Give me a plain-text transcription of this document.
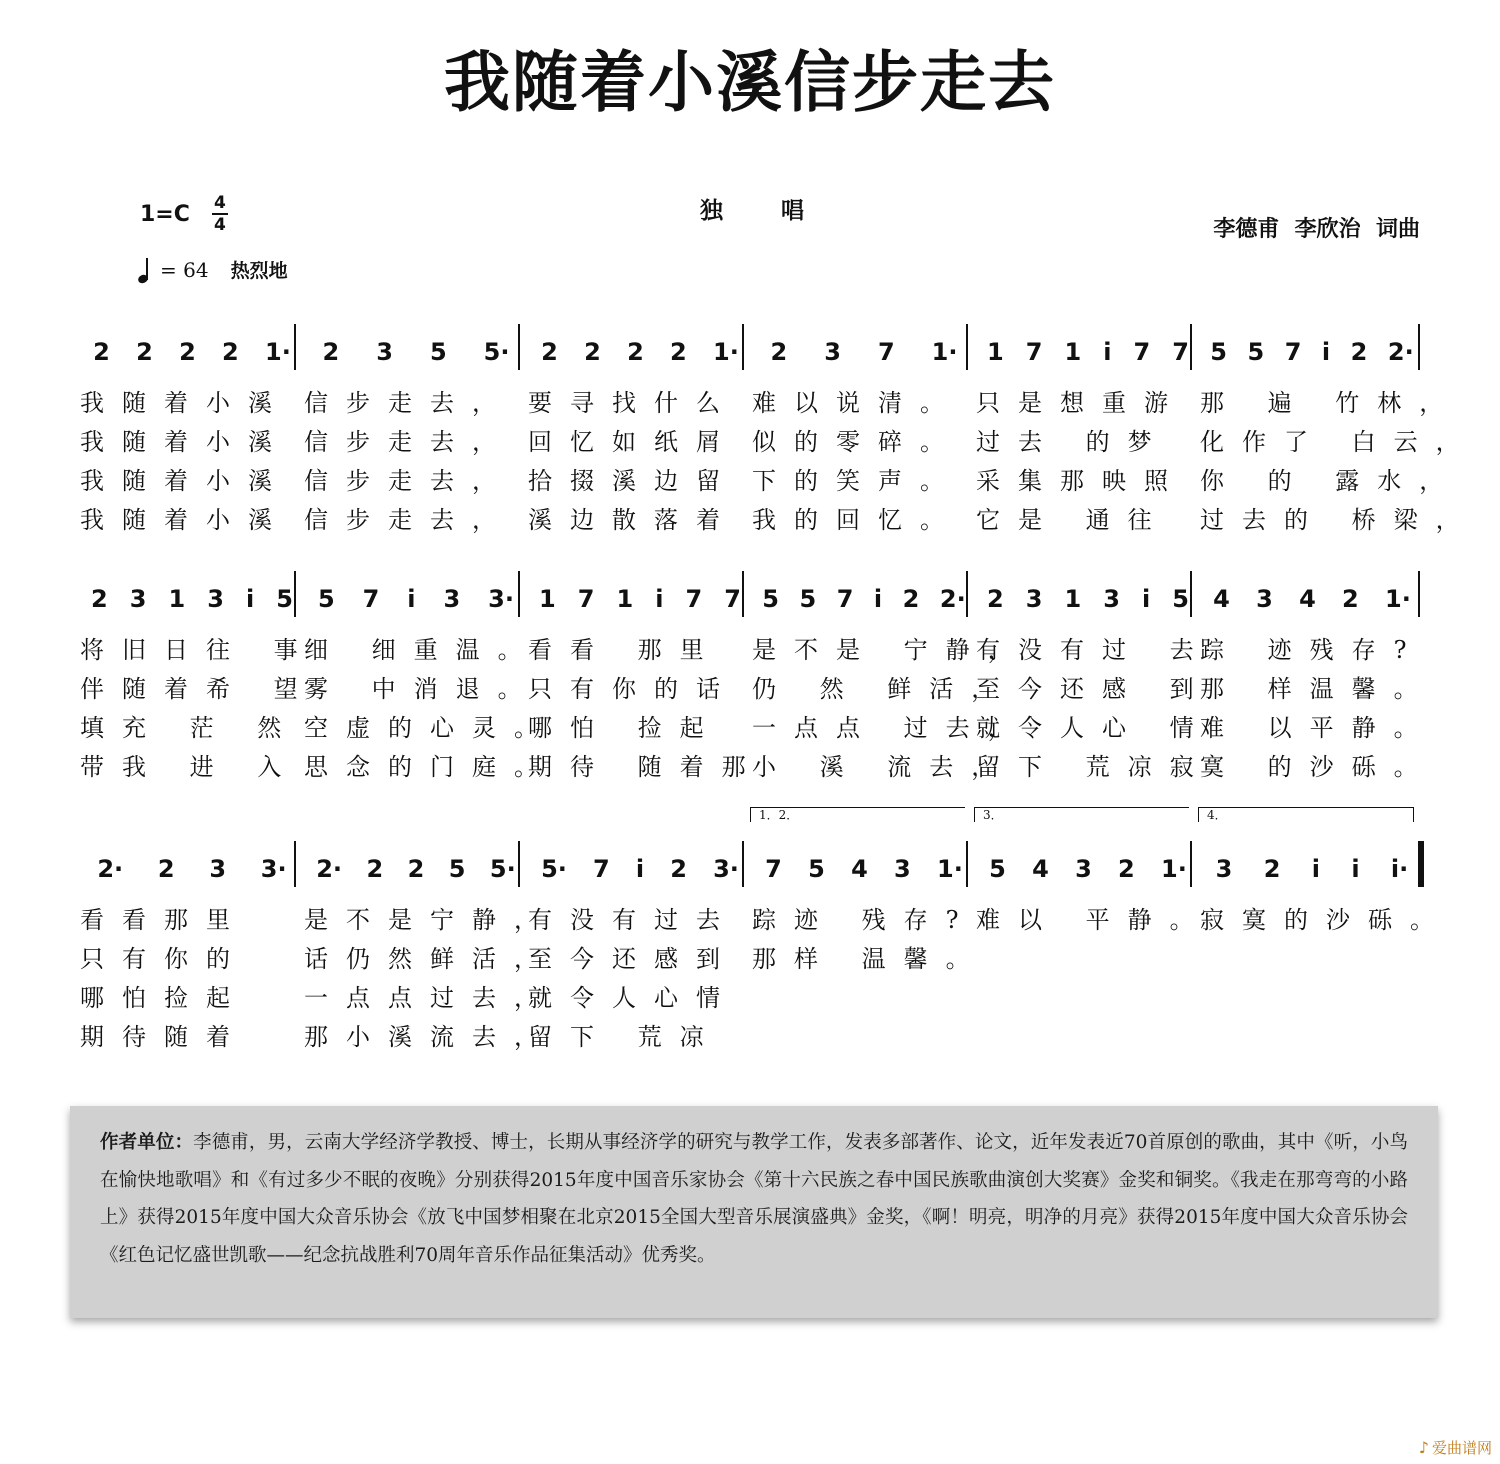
我随着小溪信步走去
$1=C \frac{4}{4}$	独唱
李德甫  李欣治  词曲
= 64 热烈地
2 2 2 2 1· 2 3 5 5· 2 2 2 2 1· 2 3 7 1· 1 7 1 i 7 7 5 5 7 i 2 2·
我随着小溪 信步走去， 要寻找什么 难以说清。 只是想重游 那 遍 竹林，
我随着小溪 信步走去， 回忆如纸屑 似的零碎。 过去 的梦 化作了 白云，
我随着小溪 信步走去， 拾掇溪边留 下的笑声。 采集那映照 你 的 露水，
我随着小溪 信步走去， 溪边散落着 我的回忆。 它是 通往 过去的 桥梁，
2 3 1 3 i 5 5 7 i 3 3· 1 7 1 i 7 7 5 5 7 i 2 2· 2 3 1 3 i 5 4 3 4 2 1·
将旧日往 事
细 细重温。
看看 那里 是不是 宁静，
有没有过 去
踪 迹残存?
伴随着希 望
雾 中消退。
只有你的话 仍 然 鲜活，
至今还感 到
那 样温馨。
填充 茫 然 空虚的心灵。
哪怕 捡起 一点点 过去，
就令人心 情
难 以平静。
带我 进 入 思念的门庭。
期待 随着那
小 溪 流去，
留下 荒凉寂
寞 的沙砾。
2· 2 3 3· 2· 2 2 5 5· 5· 7 i 2 3· 7 5 4 3 1· 5 4 3 2 1· 3 2 i i i·
1．2．	3．	4．
看看那里 是不是宁静，
有没有过去 踪迹 残存? 难以 平静。
寂寞的沙砾。
只有你的 话仍然鲜活，
至今还感到 那样 温馨。
哪怕捡起 一点点过去，
就令人心情
期待随着 那小溪流去，
留下 荒凉

作者单位：李德甫，男，云南大学经济学教授、博士，长期从事经济学的研究与教学工作，发表多部著作、论文，近年发表近70首原创的歌曲，其中《听，小鸟在愉快地歌唱》和《有过多少不眠的夜晚》分别获得2015年度中国音乐家协会《第十六民族之春中国民族歌曲演创大奖赛》金奖和铜奖。《我走在那弯弯的小路上》获得2015年度中国大众音乐协会《放飞中国梦相聚在北京2015全国大型音乐展演盛典》金奖，《啊！明亮，明净的月亮》获得2015年度中国大众音乐协会《红色记忆盛世凯歌——纪念抗战胜利70周年音乐作品征集活动》优秀奖。

♪ 爱曲谱网
